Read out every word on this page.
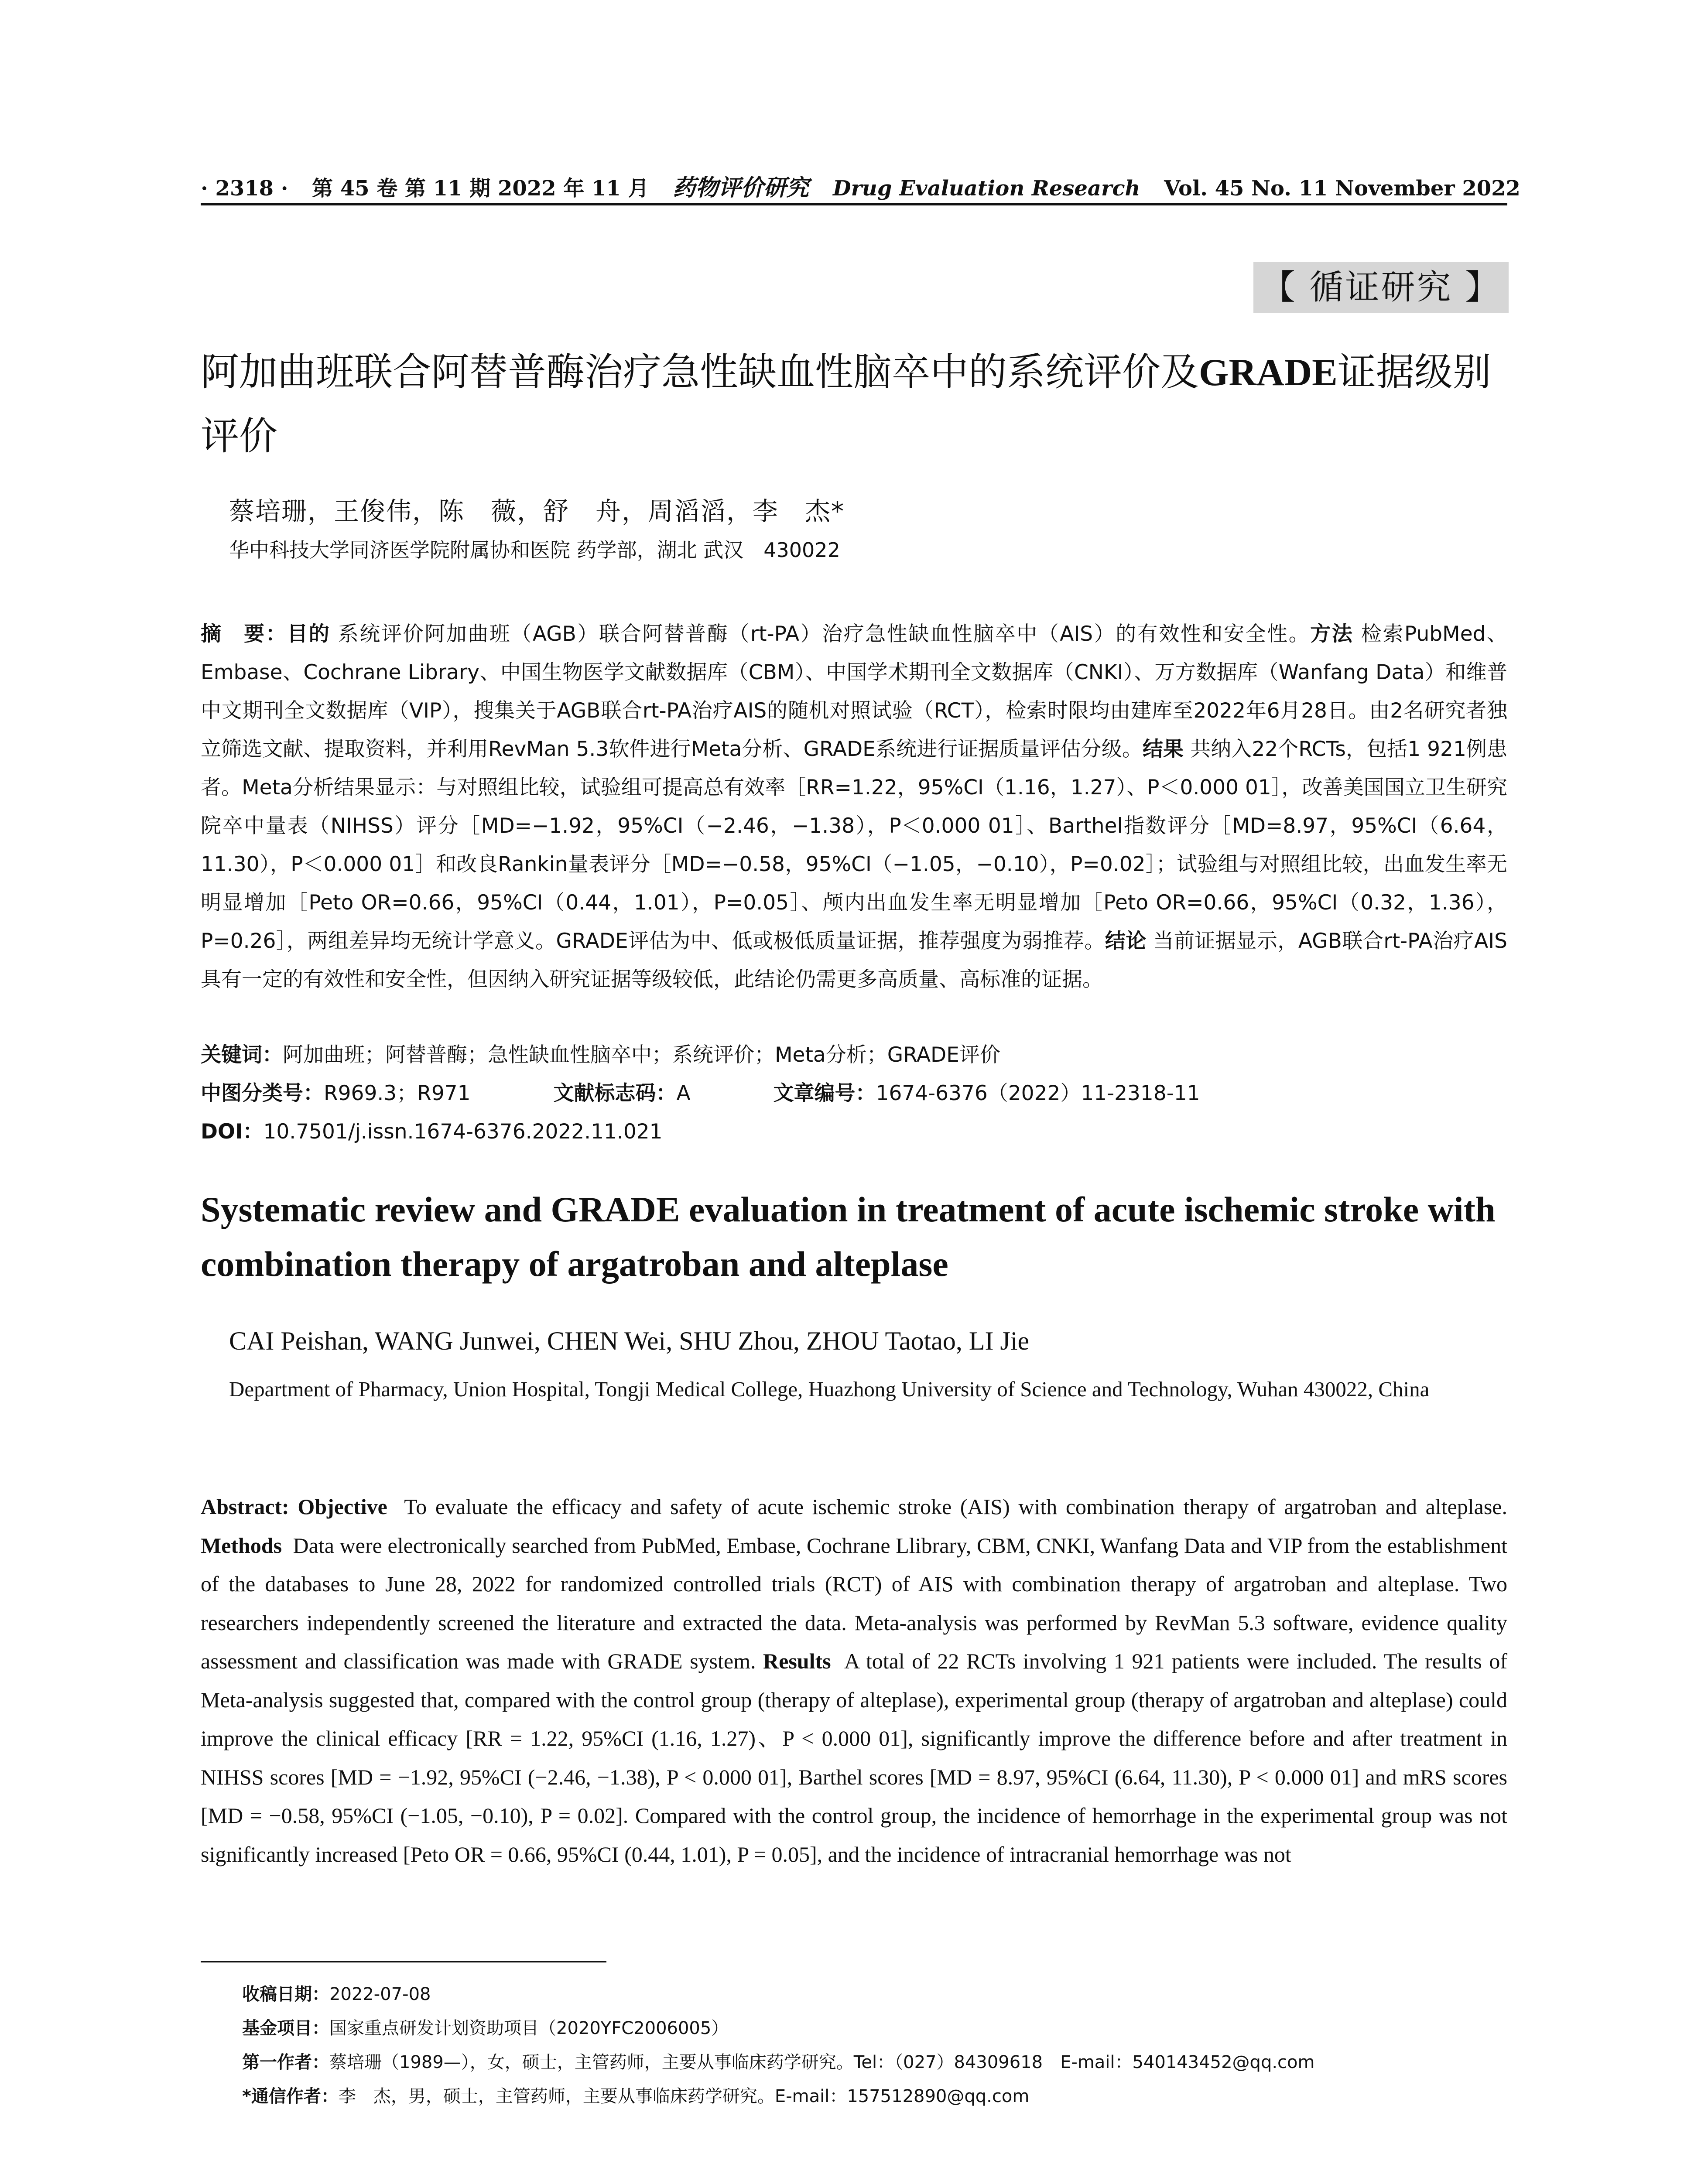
· 2318 · 第 45 卷 第 11 期 2022 年 11 月 药物评价研究 Drug Evaluation Research Vol. 45 No. 11 November 2022
【 循证研究 】
阿加曲班联合阿替普酶治疗急性缺血性脑卒中的系统评价及GRADE证据级别评价
蔡培珊，王俊伟，陈　薇，舒　舟，周滔滔，李　杰*
华中科技大学同济医学院附属协和医院 药学部，湖北 武汉　430022
摘　要：目的 系统评价阿加曲班（AGB）联合阿替普酶（rt-PA）治疗急性缺血性脑卒中（AIS）的有效性和安全性。方法 检索PubMed、Embase、Cochrane Library、中国生物医学文献数据库（CBM）、中国学术期刊全文数据库（CNKI）、万方数据库（Wanfang Data）和维普中文期刊全文数据库（VIP），搜集关于AGB联合rt-PA治疗AIS的随机对照试验（RCT），检索时限均由建库至2022年6月28日。由2名研究者独立筛选文献、提取资料，并利用RevMan 5.3软件进行Meta分析、GRADE系统进行证据质量评估分级。结果 共纳入22个RCTs，包括1 921例患者。Meta分析结果显示：与对照组比较，试验组可提高总有效率［RR=1.22，95%CI（1.16，1.27）、P＜0.000 01］，改善美国国立卫生研究院卒中量表（NIHSS）评分［MD=−1.92，95%CI（−2.46，−1.38），P＜0.000 01］、Barthel指数评分［MD=8.97，95%CI（6.64，11.30），P＜0.000 01］和改良Rankin量表评分［MD=−0.58，95%CI（−1.05，−0.10），P=0.02］；试验组与对照组比较，出血发生率无明显增加［Peto OR=0.66，95%CI（0.44，1.01），P=0.05］、颅内出血发生率无明显增加［Peto OR=0.66，95%CI（0.32，1.36），P=0.26］，两组差异均无统计学意义。GRADE评估为中、低或极低质量证据，推荐强度为弱推荐。结论 当前证据显示，AGB联合rt-PA治疗AIS具有一定的有效性和安全性，但因纳入研究证据等级较低，此结论仍需更多高质量、高标准的证据。
关键词：阿加曲班；阿替普酶；急性缺血性脑卒中；系统评价；Meta分析；GRADE评价
中图分类号：R969.3；R971	文献标志码：A	文章编号：1674-6376（2022）11-2318-11
DOI：10.7501/j.issn.1674-6376.2022.11.021
Systematic review and GRADE evaluation in treatment of acute ischemic stroke with combination therapy of argatroban and alteplase
CAI Peishan, WANG Junwei, CHEN Wei, SHU Zhou, ZHOU Taotao, LI Jie
Department of Pharmacy, Union Hospital, Tongji Medical College, Huazhong University of Science and Technology, Wuhan 430022, China
Abstract: Objective To evaluate the efficacy and safety of acute ischemic stroke (AIS) with combination therapy of argatroban and alteplase. Methods Data were electronically searched from PubMed, Embase, Cochrane Llibrary, CBM, CNKI, Wanfang Data and VIP from the establishment of the databases to June 28, 2022 for randomized controlled trials (RCT) of AIS with combination therapy of argatroban and alteplase. Two researchers independently screened the literature and extracted the data. Meta-analysis was performed by RevMan 5.3 software, evidence quality assessment and classification was made with GRADE system. Results A total of 22 RCTs involving 1 921 patients were included. The results of Meta-analysis suggested that, compared with the control group (therapy of alteplase), experimental group (therapy of argatroban and alteplase) could improve the clinical efficacy [RR = 1.22, 95%CI (1.16, 1.27)、P < 0.000 01], significantly improve the difference before and after treatment in NIHSS scores [MD = −1.92, 95%CI (−2.46, −1.38), P < 0.000 01], Barthel scores [MD = 8.97, 95%CI (6.64, 11.30), P < 0.000 01] and mRS scores [MD = −0.58, 95%CI (−1.05, −0.10), P = 0.02]. Compared with the control group, the incidence of hemorrhage in the experimental group was not significantly increased [Peto OR = 0.66, 95%CI (0.44, 1.01), P = 0.05], and the incidence of intracranial hemorrhage was not
收稿日期：2022-07-08
基金项目：国家重点研发计划资助项目（2020YFC2006005）
第一作者：蔡培珊（1989—），女，硕士，主管药师，主要从事临床药学研究。Tel：（027）84309618　E-mail：540143452@qq.com
*通信作者：李　杰，男，硕士，主管药师，主要从事临床药学研究。E-mail：157512890@qq.com
